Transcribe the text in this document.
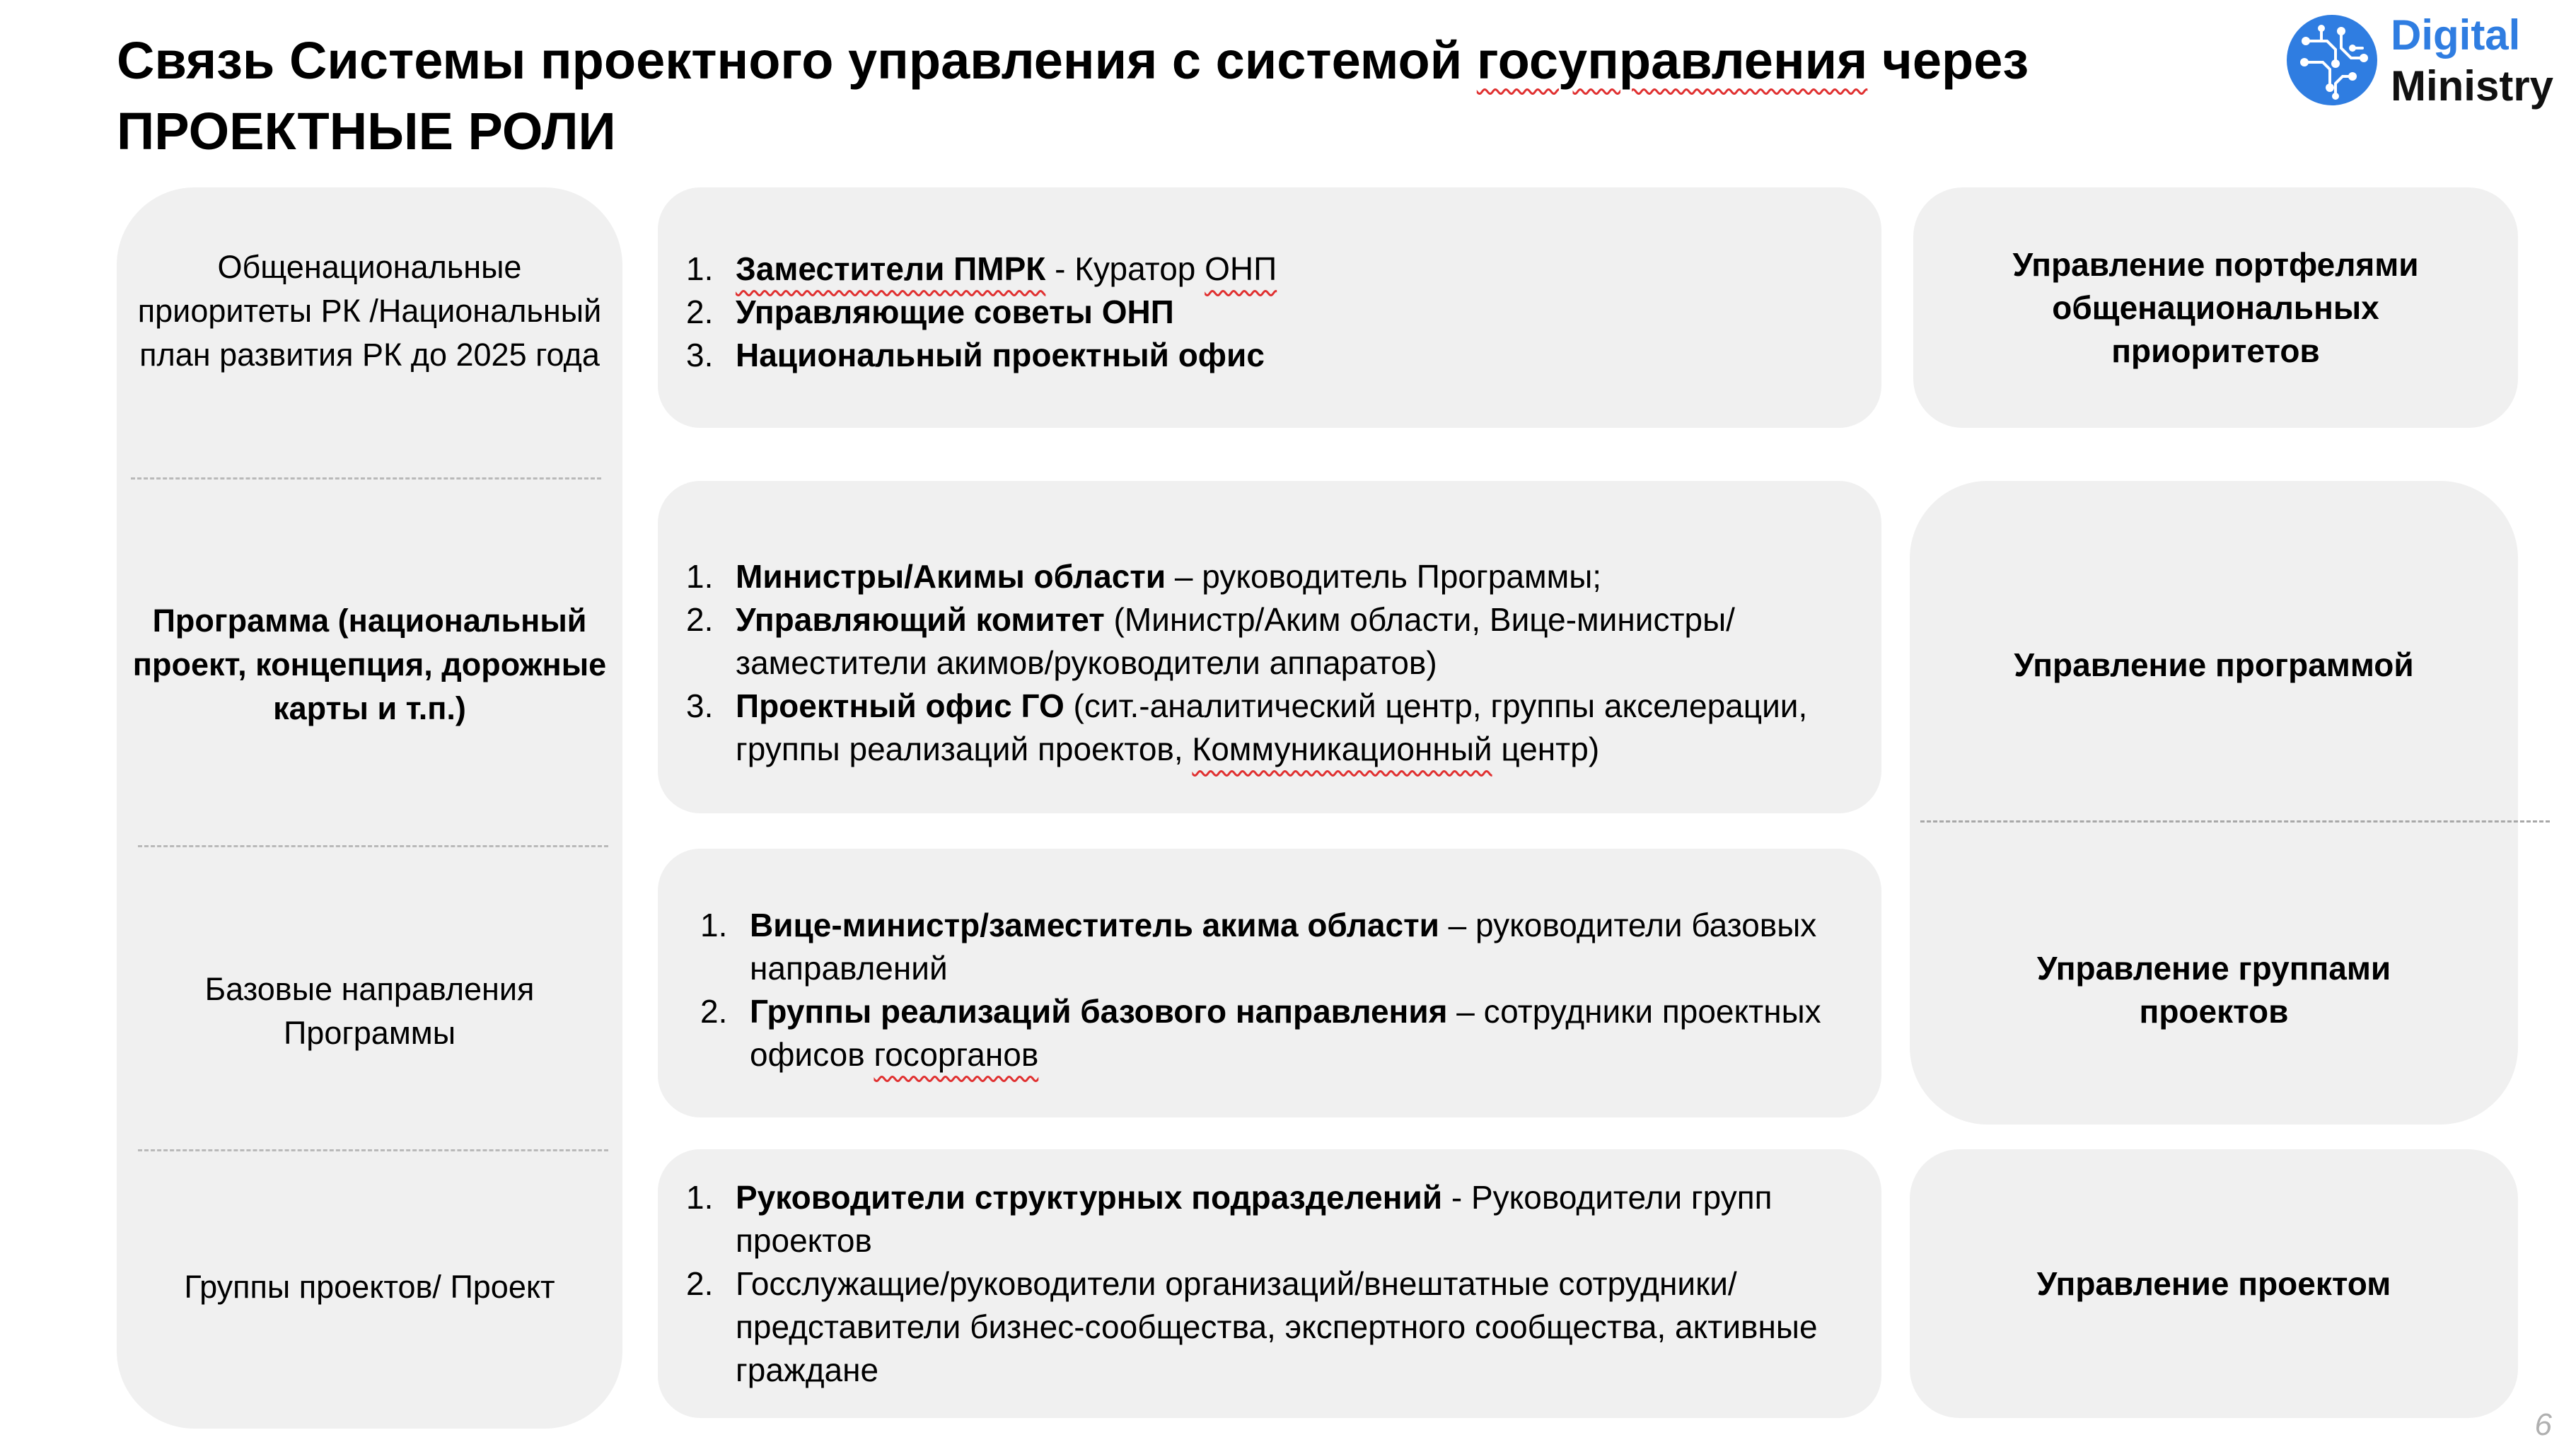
Связь Системы проектного управления с системой госуправления через
ПРОЕКТНЫЕ РОЛИ
Digital
Ministry
Общенациональные приоритеты РК /Национальный план развития РК до 2025 года
Программа (национальный проект, концепция, дорожные карты и т.п.)
Базовые направления Программы
Группы проектов/ Проект
1. Заместители ПМРК - Куратор ОНП
2. Управляющие советы ОНП
3. Национальный проектный офис
1. Министры/Акимы области – руководитель Программы;
2. Управляющий комитет (Министр/Аким области, Вице-министры/ заместители акимов/руководители аппаратов)
3. Проектный офис ГО (сит.-аналитический центр, группы акселерации, группы реализаций проектов, Коммуникационный центр)
1. Вице-министр/заместитель акима области – руководители базовых направлений
2. Группы реализаций базового направления – сотрудники проектных офисов госорганов
1. Руководители структурных подразделений - Руководители групп проектов
2. Госслужащие/руководители организаций/внештатные сотрудники/ представители бизнес-сообщества, экспертного сообщества, активные граждане
Управление портфелями общенациональных приоритетов
Управление программой
Управление группами проектов
Управление проектом
6
